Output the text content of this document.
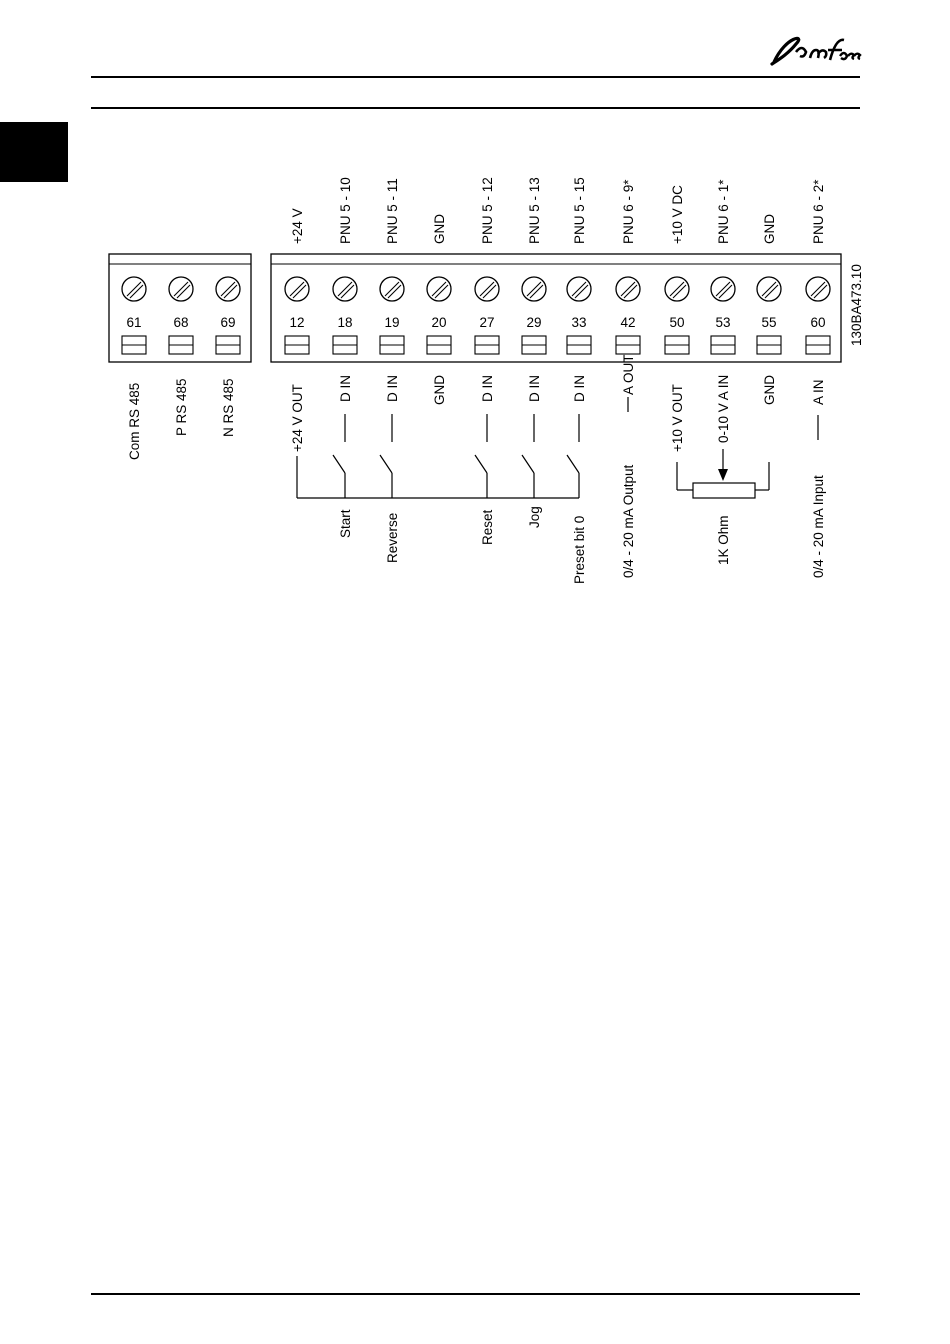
61 68 69	12 18 19 20 27 29 33	42	50 53 55	60 130BA473.10
+24 V PNU 5 - 10 PNU 5 - 11 GND PNU 5 - 12 PNU 5 - 13 PNU 5 - 15	PNU 6 - 9*	+10 V DC PNU 6 - 1* GND	PNU 6 - 2*
Com RS 485 P RS 485 N RS 485	+24 V OUT D IN D IN GND D IN D IN D IN	A OUT
+10 V OUT 0-10 V A IN GND	A IN
Start Reverse	Reset Jog Preset bit 0	0/4 - 20 mA Output	1K Ohm	0/4 - 20 mA Input
